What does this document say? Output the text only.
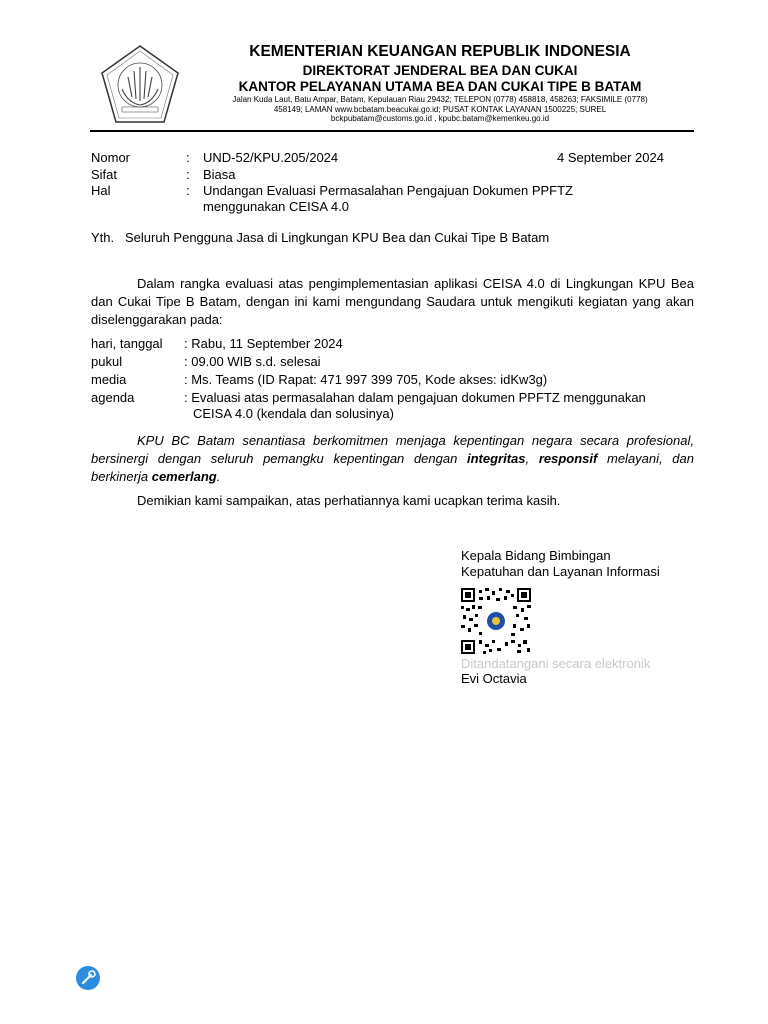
KEMENTERIAN KEUANGAN REPUBLIK INDONESIA
DIREKTORAT JENDERAL BEA DAN CUKAI
KANTOR PELAYANAN UTAMA BEA DAN CUKAI TIPE B BATAM
Jalan Kuda Laut, Batu Ampar, Batam, Kepulauan Riau 29432; TELEPON (0778) 458818, 458263; FAKSIMILE (0778)
458149; LAMAN www.bcbatam.beacukai.go.id; PUSAT KONTAK LAYANAN 1500225; SUREL
bckpubatam@customs.go.id , kpubc.batam@kemenkeu.go.id
Nomor	: UND-52/KPU.205/2024	4 September 2024
Sifat	: Biasa
Hal	: Undangan Evaluasi Permasalahan Pengajuan Dokumen PPFTZ
menggunakan CEISA 4.0
Yth. Seluruh Pengguna Jasa di Lingkungan KPU Bea dan Cukai Tipe B Batam
Dalam rangka evaluasi atas pengimplementasian aplikasi CEISA 4.0 di Lingkungan KPU Bea dan Cukai Tipe B Batam, dengan ini kami mengundang Saudara untuk mengikuti kegiatan yang akan diselenggarakan pada:
hari, tanggal : Rabu, 11 September 2024
pukul	: 09.00 WIB s.d. selesai
media	: Ms. Teams (ID Rapat: 471 997 399 705, Kode akses: idKw3g)
agenda	: Evaluasi atas permasalahan dalam pengajuan dokumen PPFTZ menggunakan
CEISA 4.0 (kendala dan solusinya)
KPU BC Batam senantiasa berkomitmen menjaga kepentingan negara secara profesional, bersinergi dengan seluruh pemangku kepentingan dengan integritas, responsif melayani, dan berkinerja cemerlang.
Demikian kami sampaikan, atas perhatiannya kami ucapkan terima kasih.
Kepala Bidang Bimbingan
Kepatuhan dan Layanan Informasi
Ditandatangani secara elektronik
Evi Octavia
